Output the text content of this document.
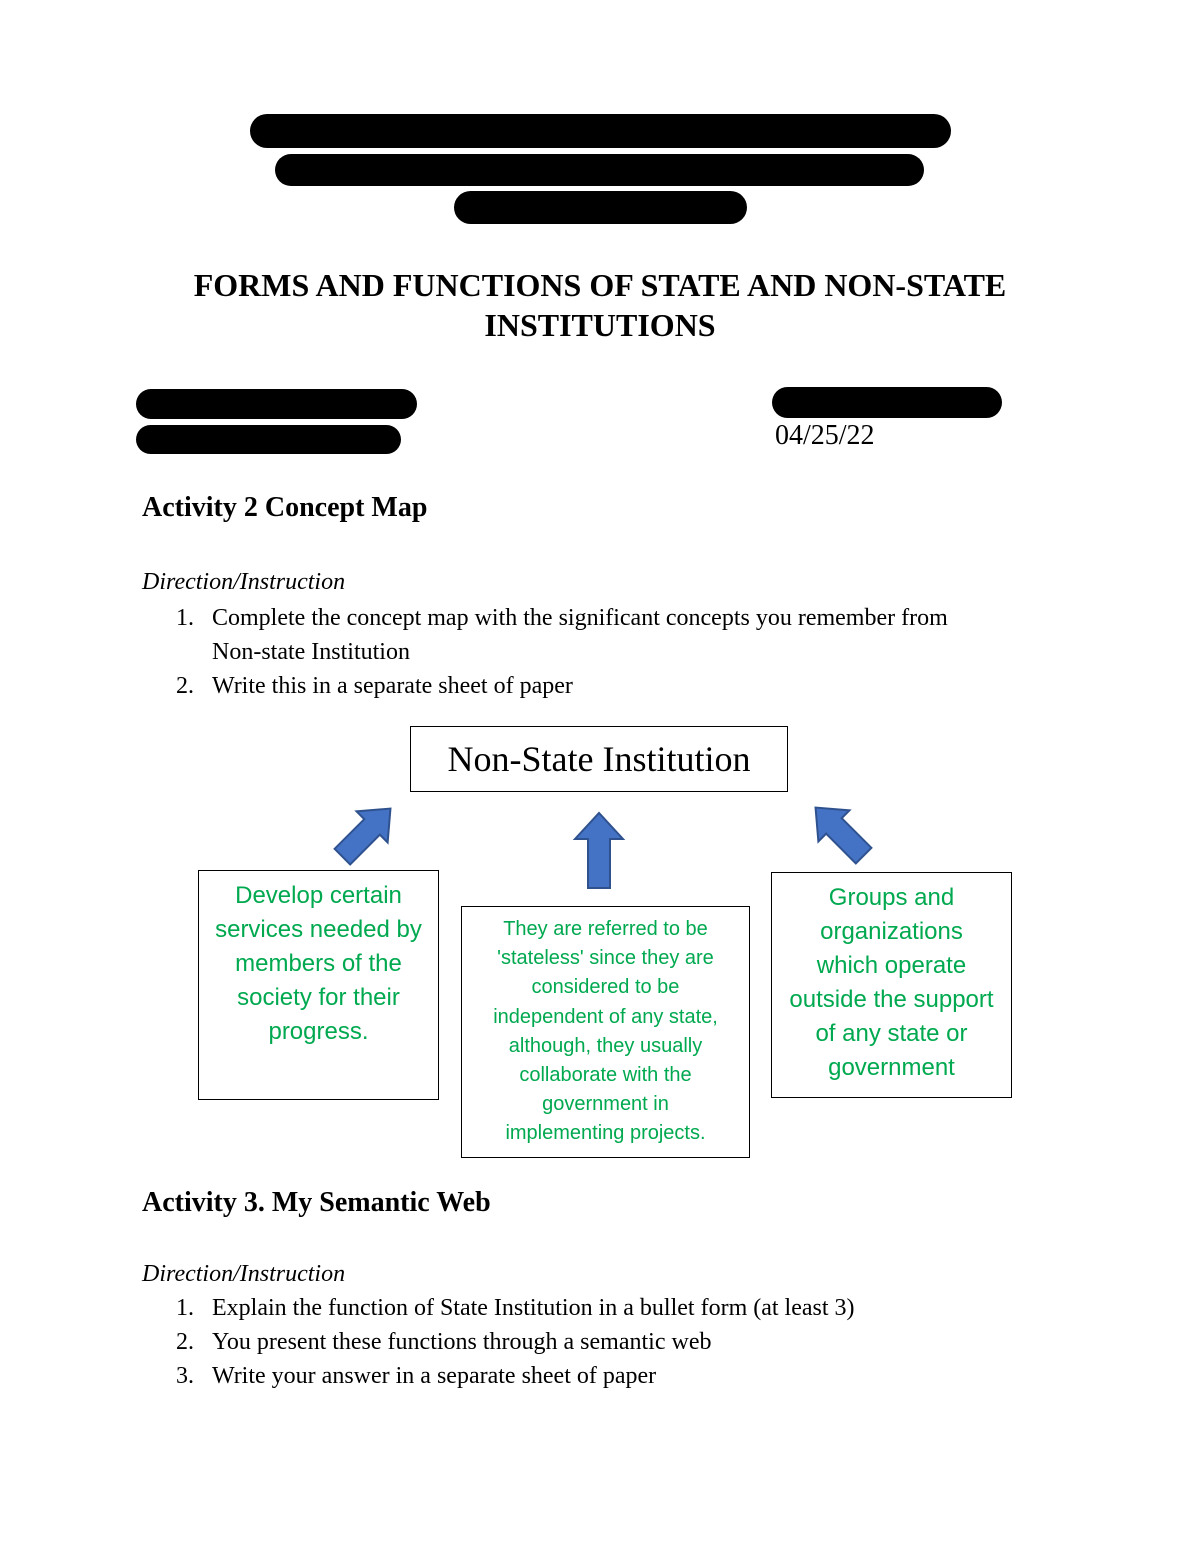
FORMS AND FUNCTIONS OF STATE AND NON-STATE
INSTITUTIONS
04/25/22
Activity 2 Concept Map
Direction/Instruction
1. Complete the concept map with the significant concepts you remember from
Non-state Institution
2. Write this in a separate sheet of paper
Non-State Institution
Develop certain
services needed by
members of the
society for their
progress.
They are referred to be
'stateless' since they are
considered to be
independent of any state,
although, they usually
collaborate with the
government in
implementing projects.
Groups and
organizations
which operate
outside the support
of any state or
government
Activity 3. My Semantic Web
Direction/Instruction
1. Explain the function of State Institution in a bullet form (at least 3)
2. You present these functions through a semantic web
3. Write your answer in a separate sheet of paper
